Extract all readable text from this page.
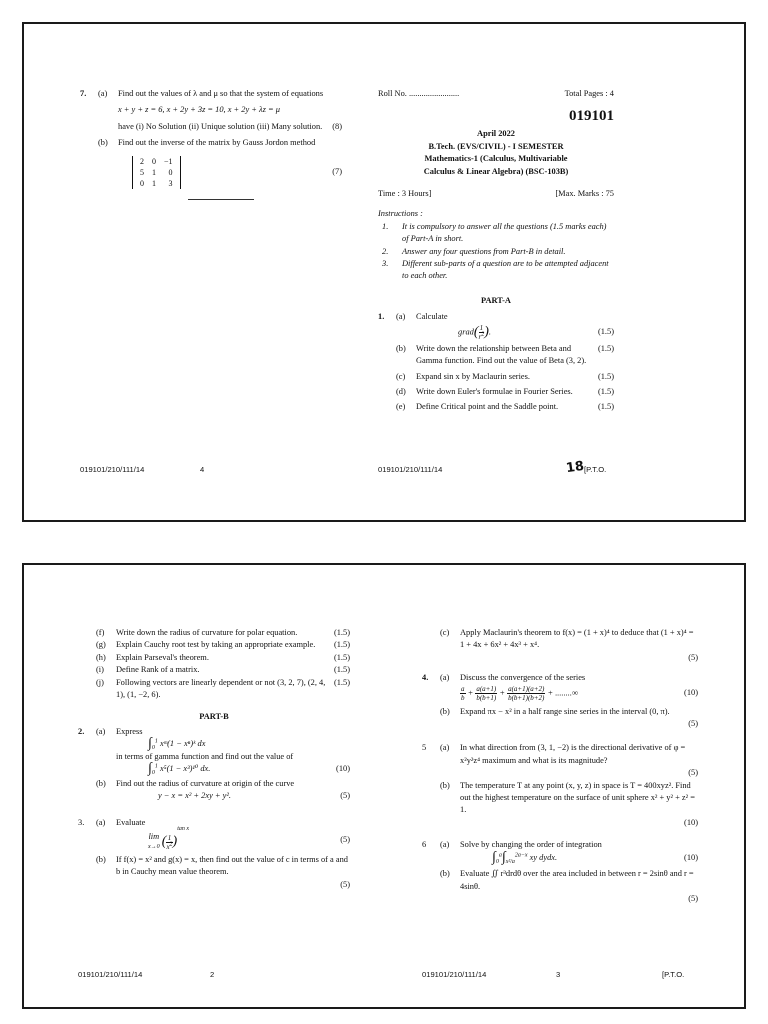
7.	(a)	Find out the values of λ and μ so that the system of equations
x + y + z = 6, x + 2y + 3z = 10, x + 2y + λz = μ
have (i) No Solution (ii) Unique solution (iii) Many solution.	(8)
(b)	Find out the inverse of the matrix by Gauss Jordon method
2	0	−1
5	1	0
0	1	3
(7)
019101/210/111/14	4
Roll No. ........................	Total Pages : 4
019101
April 2022
B.Tech. (EVS/CIVIL) - I SEMESTER
Mathematics-1 (Calculus, Multivariable
Calculus & Linear Algebra) (BSC-103B)
Time : 3 Hours]	[Max. Marks : 75
Instructions :
1.	It is compulsory to answer all the questions (1.5 marks each) of Part-A in short.
2.	Answer any four questions from Part-B in detail.
3.	Different sub-parts of a question are to be attempted adjacent to each other.
PART-A
1.	(a)	Calculate
grad( $\frac{1}{r^2}$ ).	(1.5)
(b)	Write down the relationship between Beta and Gamma function. Find out the value of Beta (3, 2).
(1.5)
(c)	Expand sin x by Maclaurin series.	(1.5)
(d)	Write down Euler's formulae in Fourier Series.	(1.5)
(e)	Define Critical point and the Saddle point.	(1.5)
019101/210/111/14	18
[P.T.O.
(f)	Write down the radius of curvature for polar equation.	(1.5)
(g)	Explain Cauchy root test by taking an appropriate example.	(1.5)
(h)	Explain Parseval's theorem.	(1.5)
(i)	Define Rank of a matrix.	(1.5)
(j)	Following vectors are linearly dependent or not (3, 2, 7), (2, 4, 1), (1, −2, 6).
(1.5)
PART-B
2.	(a)	Express
$\int_0^1$ xᵐ(1 − xⁿ)ᵏ dx
in terms of gamma function and find out the value of
$\int_0^1$ x⁵(1 − x³)¹⁰ dx.	(10)
(b)	Find out the radius of curvature at origin of the curve
y − x = x² + 2xy + y².	(5)
3.	(a)	Evaluate
lim
x→0 ( $\frac{1}{x^2} )^{tan x}$
(5)
(b)	If f(x) = x² and g(x) = x, then find out the value of c in terms of a and b in Cauchy mean value theorem.
(5)
019101/210/111/14	2
(c)	Apply Maclaurin's theorem to f(x) = (1 + x)⁴ to deduce that (1 + x)⁴ = 1 + 4x + 6x² + 4x³ + x⁴.
(5)
4.	(a)	Discuss the convergence of the series
$\frac{a}{b} + \frac{a(a+1)}{b(b+1)} + \frac{a(a+1)(a+2)}{b(b+1)(b+2)}$ + ........∞	(10)
(b)	Expand πx − x² in a half range sine series in the interval (0, π).
(5)
5	(a)	In what direction from (3, 1, −2) is the directional derivative of φ = x²y²z⁴ maximum and what is its magnitude?
(5)
(b)	The temperature T at any point (x, y, z) in space is T = 400xyz². Find out the highest temperature on the surface of unit sphere x² + y² + z² = 1.
(10)
6	(a)	Solve by changing the order of integration
$\int_0^a\int_{x^2/a}^{2a-x}$ xy dydx.	(10)
(b)	Evaluate ∬ r³drdθ over the area included in between r = 2sinθ and r = 4sinθ.
(5)
019101/210/111/14	3	[P.T.O.
